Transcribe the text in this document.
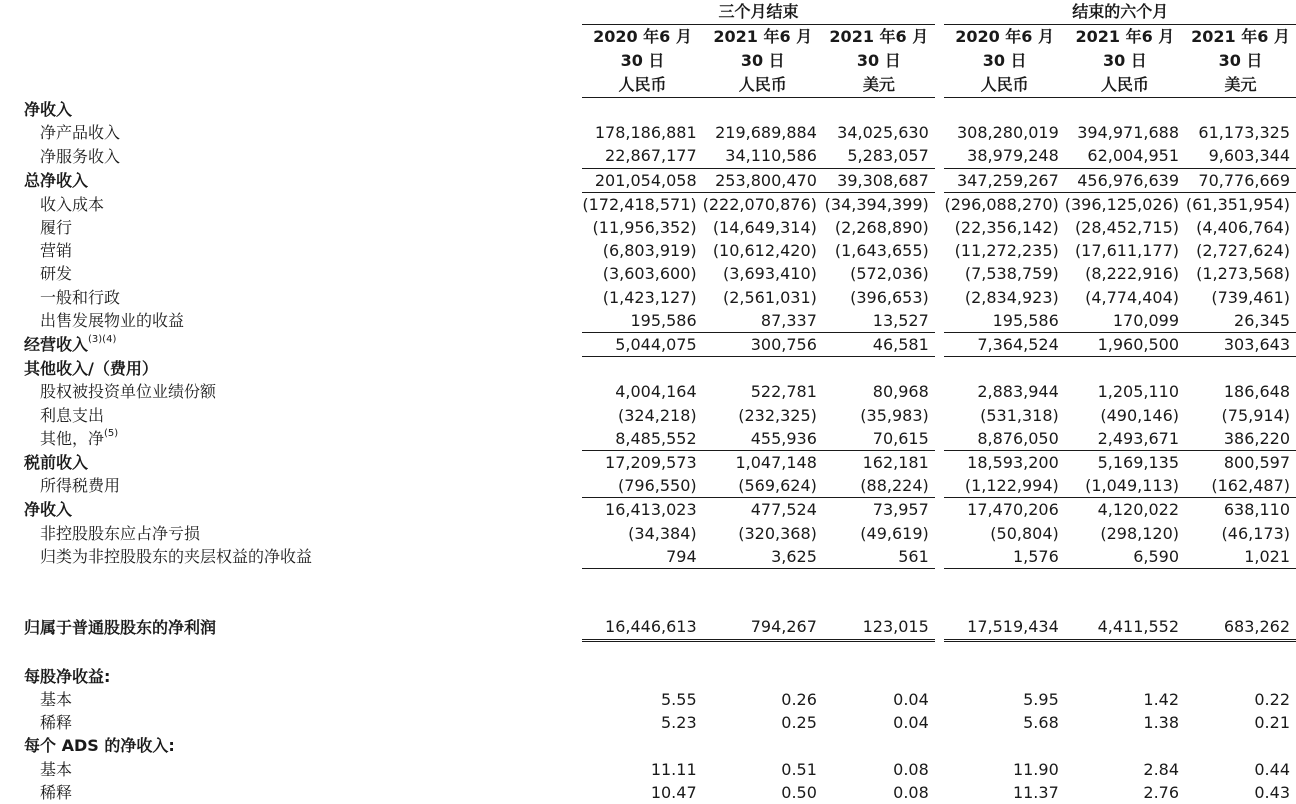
	三个月结束				结束的六个月		
	2020 年6 月	2021 年6 月	2021 年6 月		2020 年6 月	2021 年6 月	2021 年6 月
	30 日	30 日	30 日		30 日	30 日	30 日
	人民币	人民币	美元		人民币	人民币	美元
净收入							
净产品收入	178,186,881	219,689,884	34,025,630		308,280,019	394,971,688	61,173,325
净服务收入	22,867,177	34,110,586	5,283,057		38,979,248	62,004,951	9,603,344
总净收入	201,054,058	253,800,470	39,308,687		347,259,267	456,976,639	70,776,669
收入成本	(172,418,571)	(222,070,876)	(34,394,399)		(296,088,270)	(396,125,026)	(61,351,954)
履行	(11,956,352)	(14,649,314)	(2,268,890)		(22,356,142)	(28,452,715)	(4,406,764)
营销	(6,803,919)	(10,612,420)	(1,643,655)		(11,272,235)	(17,611,177)	(2,727,624)
研发	(3,603,600)	(3,693,410)	(572,036)		(7,538,759)	(8,222,916)	(1,273,568)
一般和行政	(1,423,127)	(2,561,031)	(396,653)		(2,834,923)	(4,774,404)	(739,461)
出售发展物业的收益	195,586	87,337	13,527		195,586	170,099	26,345
经营收入$^{(3)(4)}$	5,044,075	300,756	46,581		7,364,524	1,960,500	303,643
其他收入/（费用）							
股权被投资单位业绩份额	4,004,164	522,781	80,968		2,883,944	1,205,110	186,648
利息支出	(324,218)	(232,325)	(35,983)		(531,318)	(490,146)	(75,914)
其他，净$^{(5)}$	8,485,552	455,936	70,615		8,876,050	2,493,671	386,220
税前收入	17,209,573	1,047,148	162,181		18,593,200	5,169,135	800,597
所得税费用	(796,550)	(569,624)	(88,224)		(1,122,994)	(1,049,113)	(162,487)
净收入	16,413,023	477,524	73,957		17,470,206	4,120,022	638,110
非控股股东应占净亏损	(34,384)	(320,368)	(49,619)		(50,804)	(298,120)	(46,173)
归类为非控股股东的夹层权益的净收益	794	3,625	561		1,576	6,590	1,021

归属于普通股股东的净利润	16,446,613	794,267	123,015		17,519,434	4,411,552	683,262

每股净收益:							
基本	5.55	0.26	0.04		5.95	1.42	0.22
稀释	5.23	0.25	0.04		5.68	1.38	0.21
每个 ADS 的净收入:							
基本	11.11	0.51	0.08		11.90	2.84	0.44
稀释	10.47	0.50	0.08		11.37	2.76	0.43
